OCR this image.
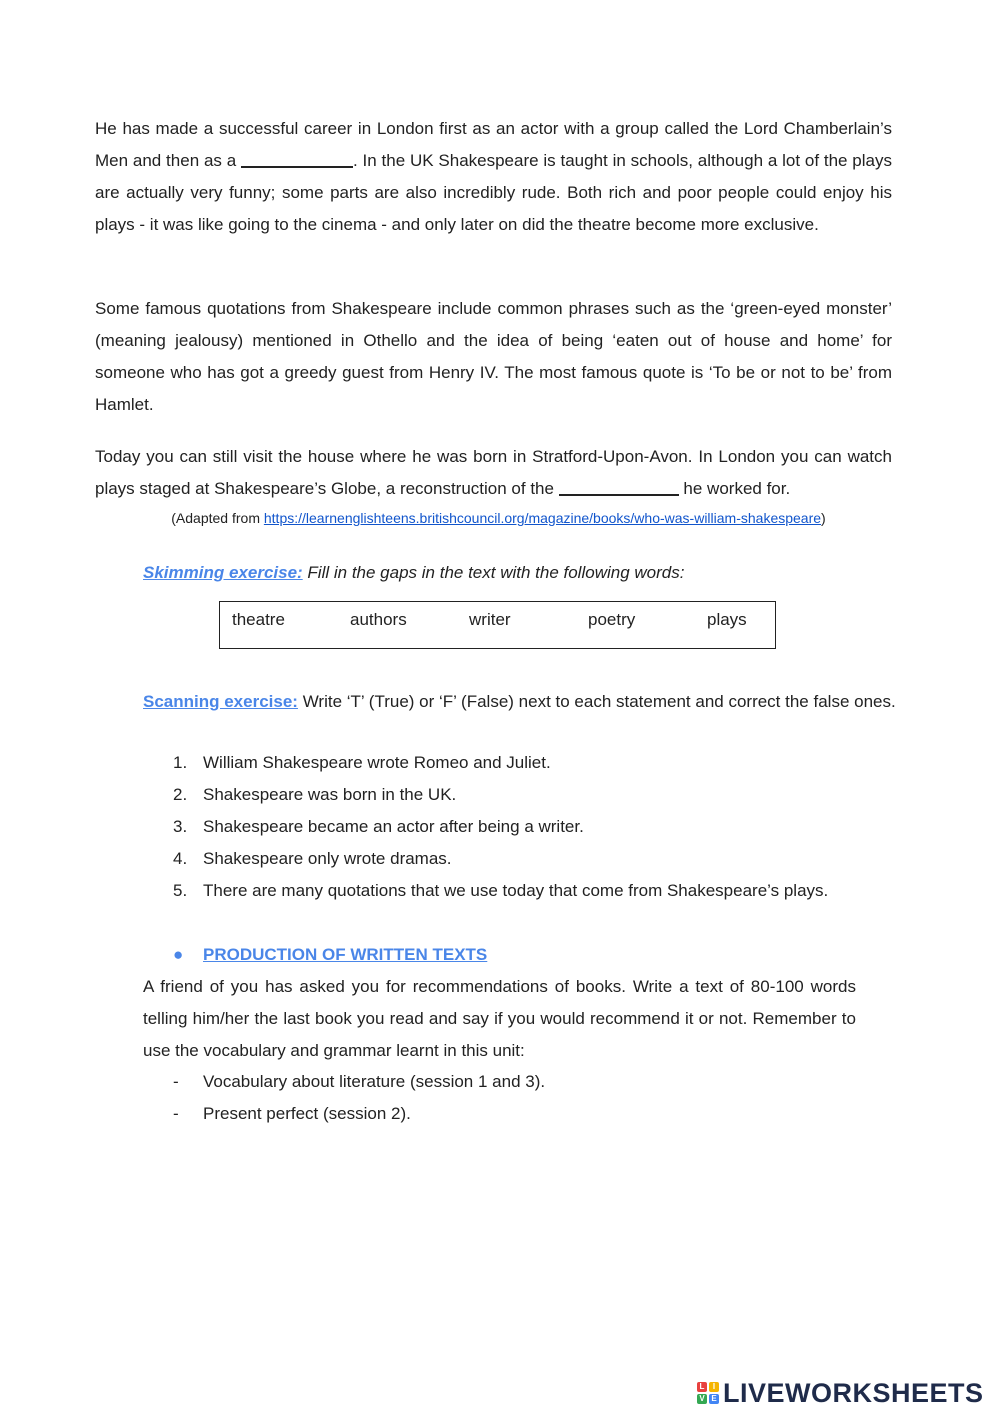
He has made a successful career in London first as an actor with a group called the Lord Chamberlain’s Men and then as a	. In the UK Shakespeare is taught in schools, although a lot of the plays are actually very funny; some parts are also incredibly rude. Both rich and poor people could enjoy his plays - it was like going to the cinema - and only later on did the theatre become more exclusive.

Some famous quotations from Shakespeare include common phrases such as the ‘green-eyed monster’ (meaning jealousy) mentioned in Othello and the idea of being ‘eaten out of house and home’ for someone who has got a greedy guest from Henry IV. The most famous quote is ‘To be or not to be’ from Hamlet.

Today you can still visit the house where he was born in Stratford-Upon-Avon. In London you can watch plays staged at Shakespeare’s Globe, a reconstruction of the	he worked for.

(Adapted from https://learnenglishteens.britishcouncil.org/magazine/books/who-was-william-shakespeare)

Skimming exercise: Fill in the gaps in the text with the following words:

theatre	authors	writer	poetry	plays

Scanning exercise: Write ‘T’ (True) or ‘F’ (False) next to each statement and correct the false ones.

1. William Shakespeare wrote Romeo and Juliet.
2. Shakespeare was born in the UK.
3. Shakespeare became an actor after being a writer.
4. Shakespeare only wrote dramas.
5. There are many quotations that we use today that come from Shakespeare’s plays.
● PRODUCTION OF WRITTEN TEXTS

A friend of you has asked you for recommendations of books. Write a text of 80-100 words telling him/her the last book you read and say if you would recommend it or not. Remember to use the vocabulary and grammar learnt in this unit:

- Vocabulary about literature (session 1 and 3).
- Present perfect (session 2).
L	I
V E LIVEWORKSHEETS
